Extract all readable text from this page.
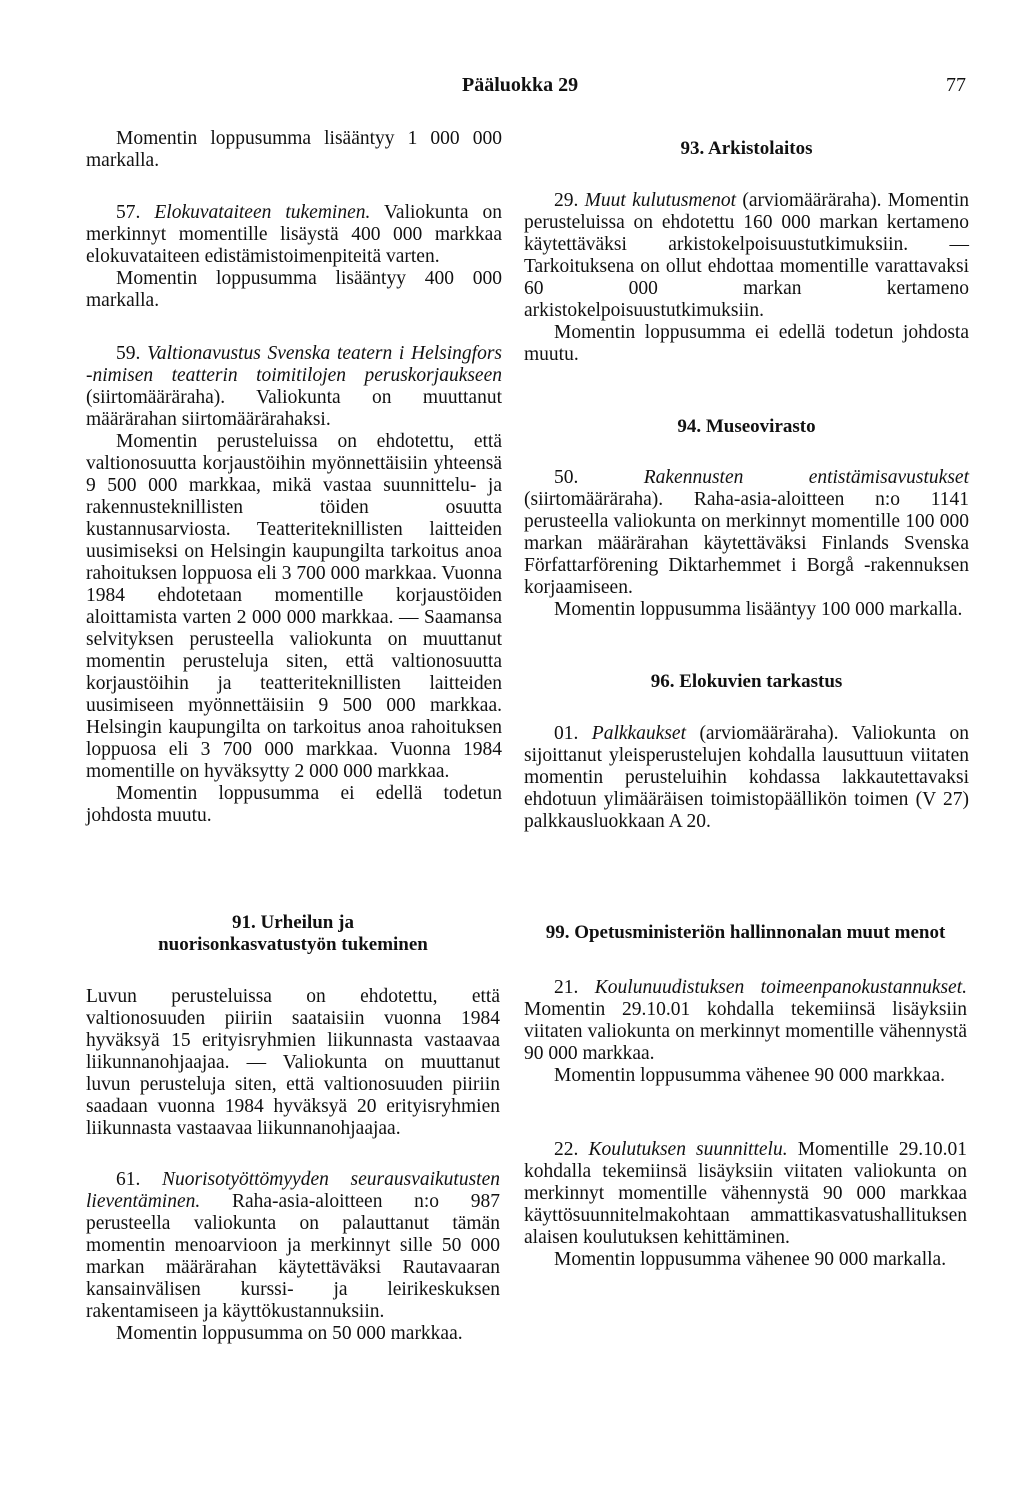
Pääluokka 29	77

Momentin loppusumma lisääntyy 1 000 000 markalla.

57. Elokuvataiteen tukeminen. Valiokunta on merkinnyt momentille lisäystä 400 000 markkaa elokuvataiteen edistämistoimenpiteitä varten.

Momentin loppusumma lisääntyy 400 000 markalla.

59. Valtionavustus Svenska teatern i Helsingfors -nimisen teatterin toimitilojen peruskorjaukseen (siirtomääräraha). Valiokunta on muuttanut määrärahan siirtomäärärahaksi.

Momentin perusteluissa on ehdotettu, että valtionosuutta korjaustöihin myönnettäisiin yhteensä 9 500 000 markkaa, mikä vastaa suunnittelu- ja rakennusteknillisten töiden osuutta kustannusarviosta. Teatteriteknillisten laitteiden uusimiseksi on Helsingin kaupungilta tarkoitus anoa rahoituksen loppuosa eli 3 700 000 markkaa. Vuonna 1984 ehdotetaan momentille korjaustöiden aloittamista varten 2 000 000 markkaa. — Saamansa selvityksen perusteella valiokunta on muuttanut momentin perusteluja siten, että valtionosuutta korjaustöihin ja teatteriteknillisten laitteiden uusimiseen myönnettäisiin 9 500 000 markkaa. Helsingin kaupungilta on tarkoitus anoa rahoituksen loppuosa eli 3 700 000 markkaa. Vuonna 1984 momentille on hyväksytty 2 000 000 markkaa.

Momentin loppusumma ei edellä todetun johdosta muutu.

93. Arkistolaitos

29. Muut kulutusmenot (arviomääräraha). Momentin perusteluissa on ehdotettu 160 000 markan kertameno käytettäväksi arkistokelpoisuustutkimuksiin. — Tarkoituksena on ollut ehdottaa momentille varattavaksi 60 000 markan kertameno arkistokelpoisuustutkimuksiin.

Momentin loppusumma ei edellä todetun johdosta muutu.

94. Museovirasto

50.	Rakennusten entistämisavustukset (siirtomääräraha). Raha-asia-aloitteen n:o 1141 perusteella valiokunta on merkinnyt momentille 100 000 markan määrärahan käytettäväksi Finlands Svenska Författarförening Diktarhemmet i Borgå -rakennuksen korjaamiseen.

Momentin loppusumma lisääntyy 100 000 markalla.

96. Elokuvien tarkastus

01. Palkkaukset (arviomääräraha). Valiokunta on sijoittanut yleisperustelujen kohdalla lausuttuun viitaten momentin perusteluihin kohdassa lakkautettavaksi ehdotuun ylimääräisen toimistopäällikön toimen (V 27) palkkausluokkaan A 20.

91. Urheilun ja nuorisonkasvatustyön tukeminen

Luvun perusteluissa on ehdotettu, että valtionosuuden piiriin saataisiin vuonna 1984 hyväksyä 15 erityisryhmien liikunnasta vastaavaa liikunnanohjaajaa. — Valiokunta on muuttanut luvun perusteluja siten, että valtionosuuden piiriin saadaan vuonna 1984 hyväksyä 20 erityisryhmien liikunnasta vastaavaa liikunnanohjaajaa.

61. Nuorisotyöttömyyden seurausvaikutusten lieventäminen. Raha-asia-aloitteen n:o 987 perusteella valiokunta on palauttanut tämän momentin menoarvioon ja merkinnyt sille 50 000 markan määrärahan käytettäväksi Rautavaaran kansainvälisen kurssi- ja leirikeskuksen rakentamiseen ja käyttökustannuksiin.

Momentin loppusumma on 50 000 markkaa.

99. Opetusministeriön hallinnonalan muut menot

21. Koulunuudistuksen toimeenpanokustannukset. Momentin 29.10.01 kohdalla tekemiinsä lisäyksiin viitaten valiokunta on merkinnyt momentille vähennystä 90 000 markkaa.

Momentin loppusumma vähenee 90 000 markkaa.

22. Koulutuksen suunnittelu. Momentille 29.10.01 kohdalla tekemiinsä lisäyksiin viitaten valiokunta on merkinnyt momentille vähennystä 90 000 markkaa käyttösuunnitelmakohtaan ammattikasvatushallituksen alaisen koulutuksen kehittäminen.

Momentin loppusumma vähenee 90 000 markalla.
